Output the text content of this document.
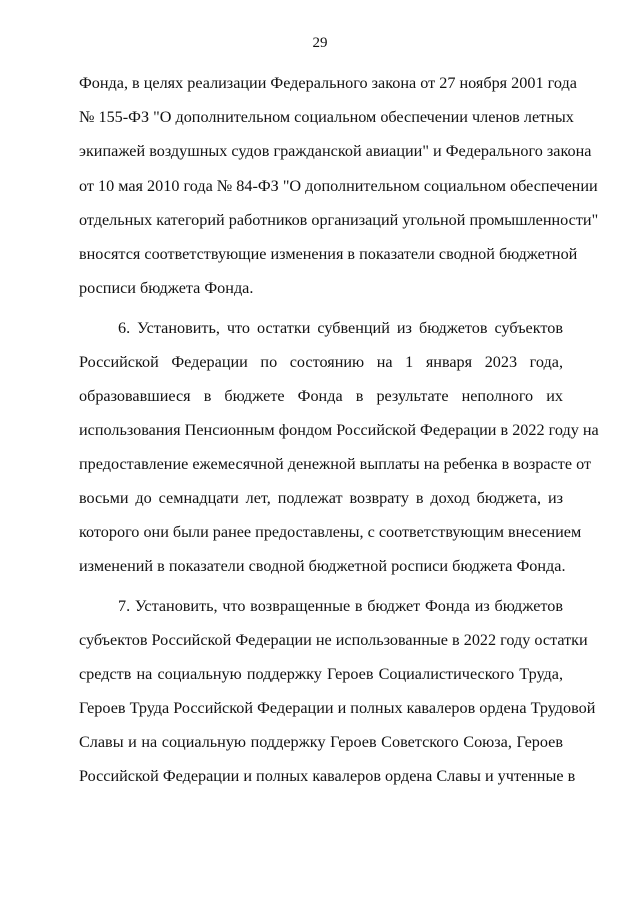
29
Фонда, в целях реализации Федерального закона от 27 ноября 2001 года
№ 155-ФЗ "О дополнительном социальном обеспечении членов летных
экипажей воздушных судов гражданской авиации" и Федерального закона
от 10 мая 2010 года № 84-ФЗ "О дополнительном социальном обеспечении
отдельных категорий работников организаций угольной промышленности"
вносятся соответствующие изменения в показатели сводной бюджетной
росписи бюджета Фонда.
6. Установить, что остатки субвенций из бюджетов субъектов
Российской Федерации по состоянию на 1 января 2023 года,
образовавшиеся в бюджете Фонда в результате неполного их
использования Пенсионным фондом Российской Федерации в 2022 году на
предоставление ежемесячной денежной выплаты на ребенка в возрасте от
восьми до семнадцати лет, подлежат возврату в доход бюджета, из
которого они были ранее предоставлены, с соответствующим внесением
изменений в показатели сводной бюджетной росписи бюджета Фонда.
7. Установить, что возвращенные в бюджет Фонда из бюджетов
субъектов Российской Федерации не использованные в 2022 году остатки
средств на социальную поддержку Героев Социалистического Труда,
Героев Труда Российской Федерации и полных кавалеров ордена Трудовой
Славы и на социальную поддержку Героев Советского Союза, Героев
Российской Федерации и полных кавалеров ордена Славы и учтенные в
